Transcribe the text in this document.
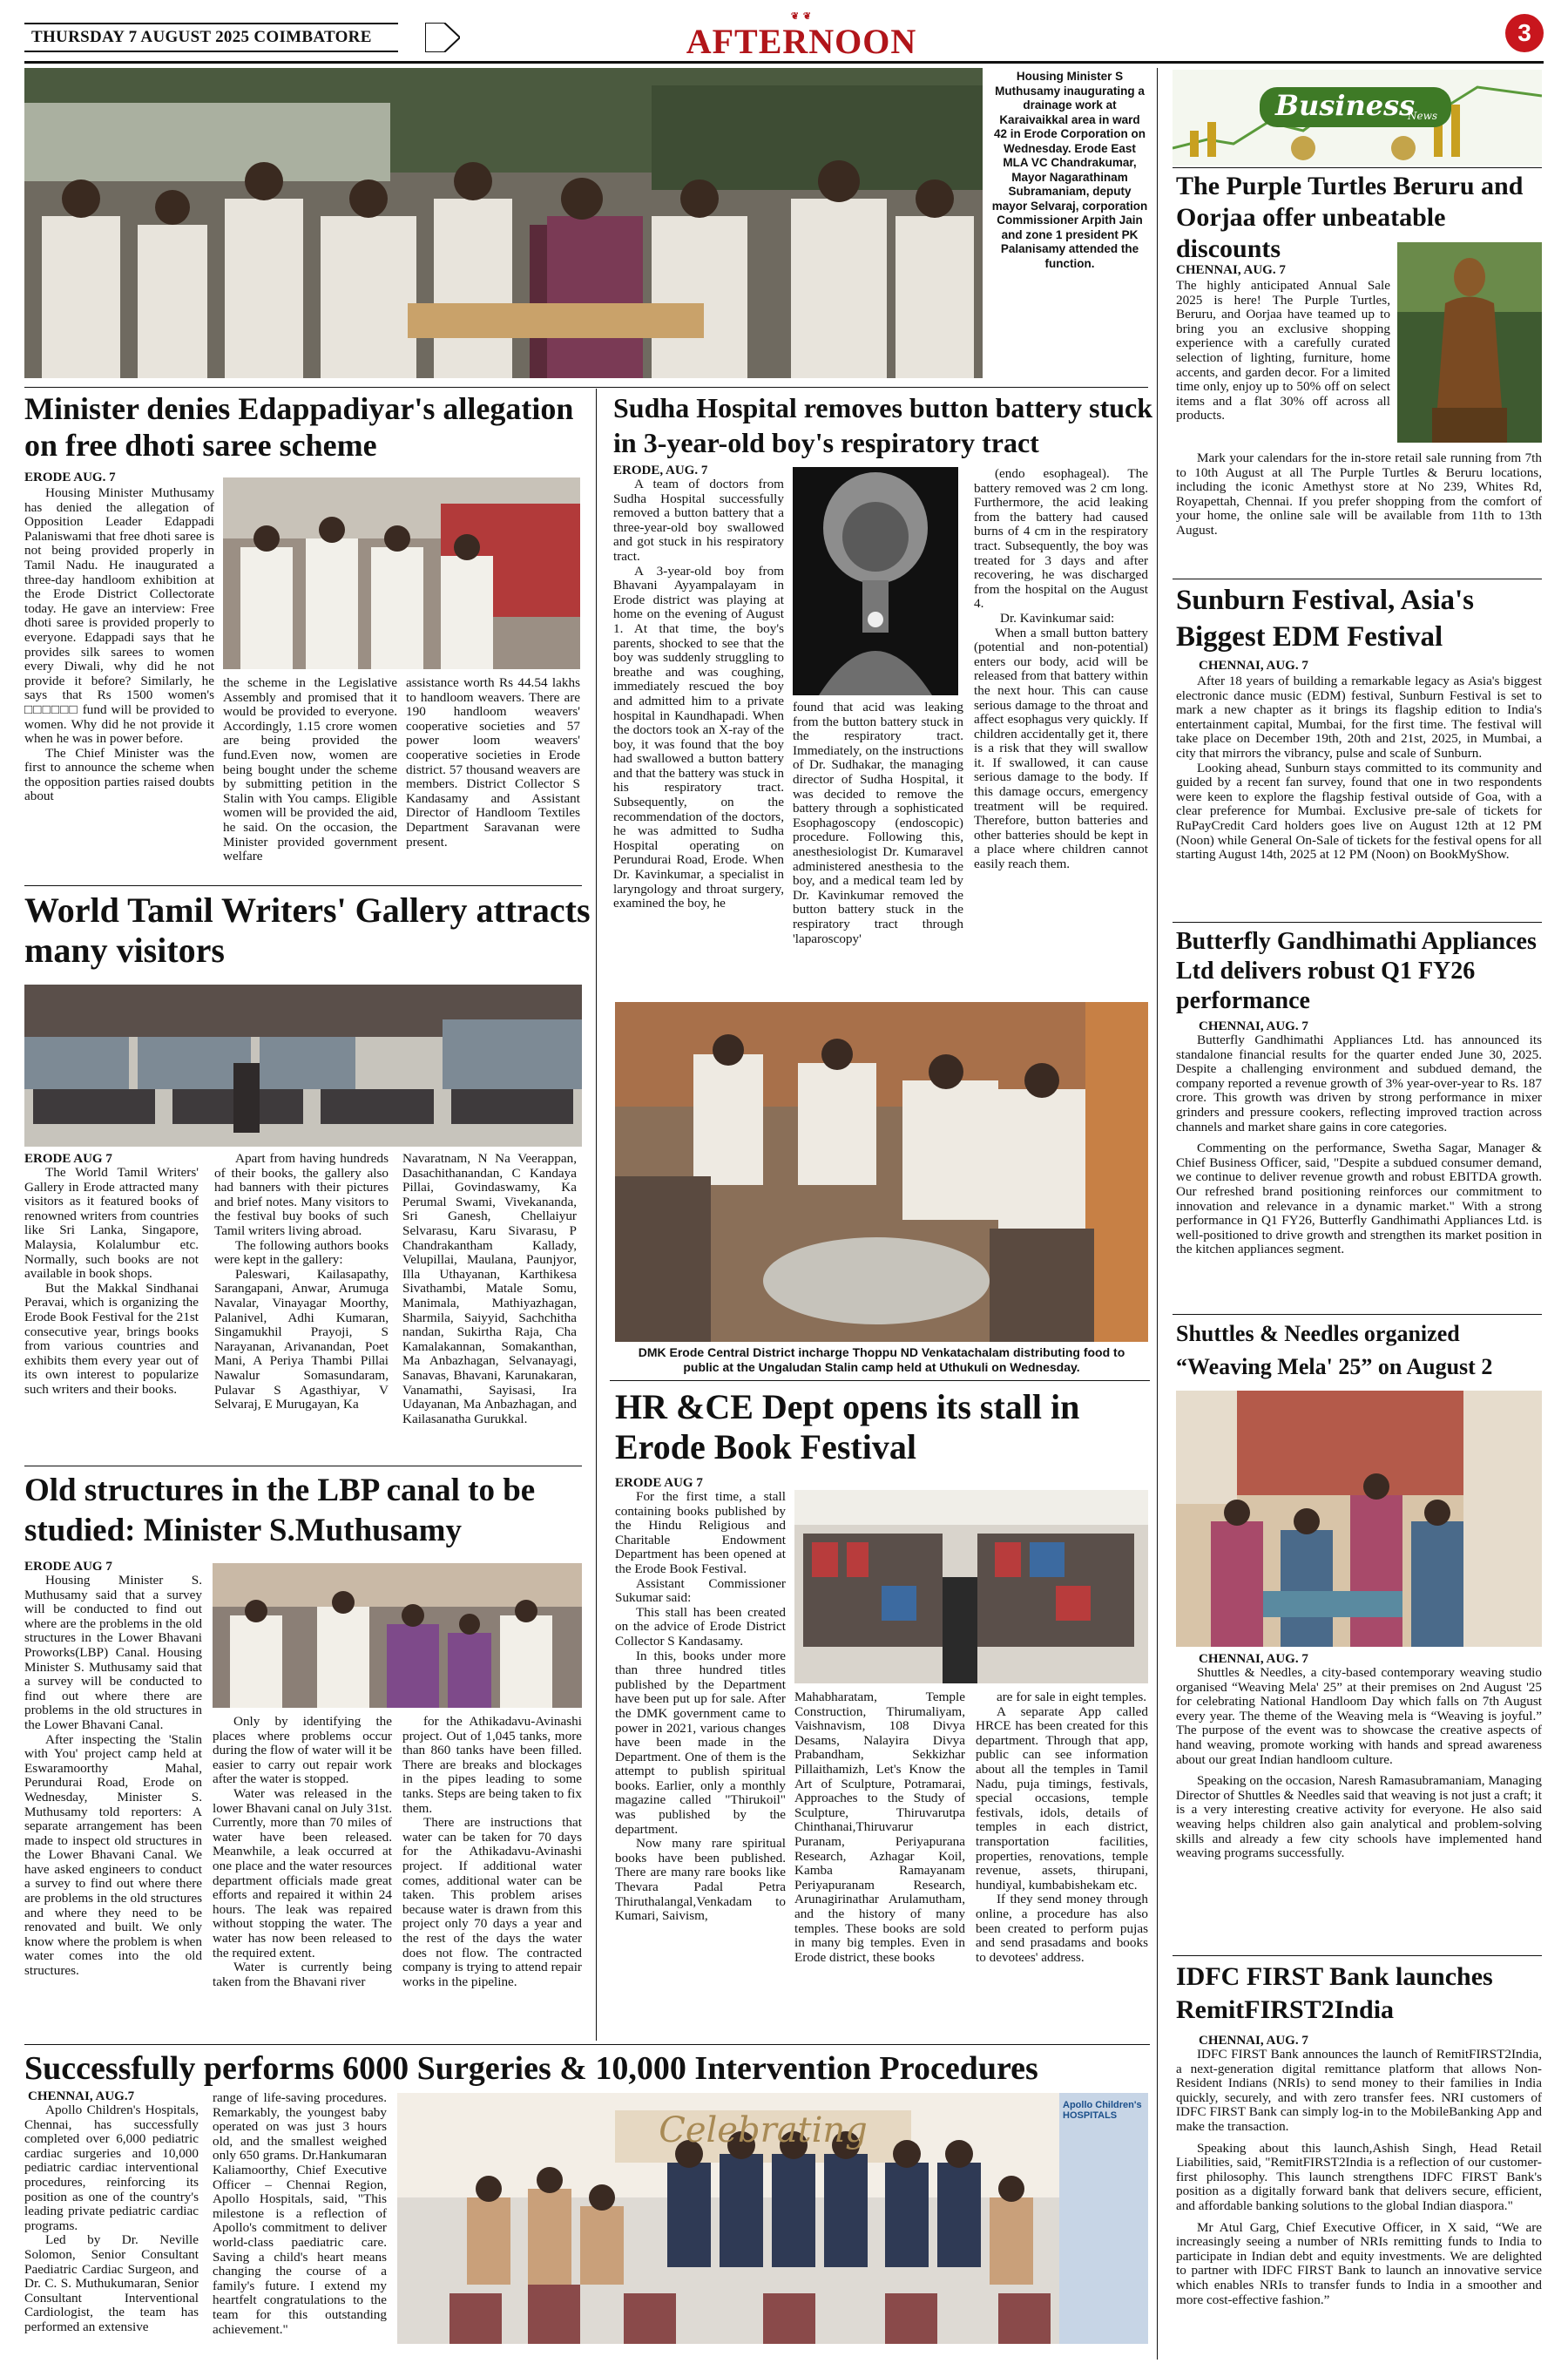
THURSDAY 7 AUGUST 2025 COIMBATORE
❦ ❦
AFTERNOON	3
Housing Minister S Muthusamy inaugurating a drainage work at Karaivaikkal area in ward 42 in Erode Corporation on Wednesday. Erode East MLA VC Chandrakumar, Mayor Nagarathinam Subramaniam, deputy mayor Selvaraj, corporation Commissioner Arpith Jain and zone 1 president PK Palanisamy attended the function.
Minister denies Edappadiyar's allegation on free dhoti saree scheme
ERODE AUG. 7

Housing Minister Muthusamy has denied the allegation of Opposition Leader Edappadi Palaniswami that free dhoti saree is not being provided properly in Tamil Nadu. He inaugurated a three-day handloom exhibition at the Erode District Collectorate today. He gave an interview: Free dhoti saree is provided properly to everyone. Edappadi says that he provides silk sarees to women every Diwali, why did he not provide it before? Similarly, he says that Rs 1500 women's □□□□□□ fund will be provided to women. Why did he not provide it when he was in power before.

The Chief Minister was the first to announce the scheme when the opposition parties raised doubts about

the scheme in the Legislative Assembly and promised that it would be provided to everyone. Accordingly, 1.15 crore women are being provided the fund.Even now, women are being bought under the scheme by submitting petition in the Stalin with You camps. Eligible women will be provided the aid, he said. On the occasion, the Minister provided government welfare
assistance worth Rs 44.54 lakhs to handloom weavers. There are 190 handloom weavers' cooperative societies and 57 power loom weavers' cooperative societies in Erode district. 57 thousand weavers are members. District Collector S Kandasamy and Assistant Director of Handloom Textiles Department Saravanan were present.
World Tamil Writers' Gallery attracts many visitors
ERODE AUG 7

The World Tamil Writers' Gallery in Erode attracted many visitors as it featured books of renowned writers from countries like Sri Lanka, Singapore, Malaysia, Kolalumbur etc. Normally, such books are not available in book shops.

But the Makkal Sindhanai Peravai, which is organizing the Erode Book Festival for the 21st consecutive year, brings books from various countries and exhibits them every year out of its own interest to popularize such writers and their books.

Apart from having hundreds of their books, the gallery also had banners with their pictures and brief notes. Many visitors to the festival buy books of such Tamil writers living abroad.

The following authors books were kept in the gallery:

Paleswari, Kailasapathy, Sarangapani, Anwar, Arumuga Navalar, Vinayagar Moorthy, Palanivel, Adhi Kumaran, Singamukhil Prayoji, S Narayanan, Arivanandan, Poet Mani, A Periya Thambi Pillai Nawalur Somasundaram, Pulavar S Agasthiyar, V Selvaraj, E Murugayan, Ka

Navaratnam, N Na Veerappan, Dasachithanandan, C Kandaya Pillai, Govindaswamy, Ka Perumal Swami, Vivekananda, Sri Ganesh, Chellaiyur Selvarasu, Karu Sivarasu, P Chandrakantham Kallady, Velupillai, Maulana, Paunjyor, Illa Uthayanan, Karthikesa Sivathambi, Matale Somu, Manimala, Mathiyazhagan, Sharmila, Saiyyid, Sachchitha nandan, Sukirtha Raja, Cha Kamalakannan, Somakanthan, Ma Anbazhagan, Selvanayagi, Sanavas, Bhavani, Karunakaran, Vanamathi, Sayisasi, Ira Udayanan, Ma Anbazhagan, and Kailasanatha Gurukkal.
Old structures in the LBP canal to be studied: Minister S.Muthusamy
ERODE AUG 7

Housing Minister S. Muthusamy said that a survey will be conducted to find out where are the problems in the old structures in the Lower Bhavani Proworks(LBP) Canal. Housing Minister S. Muthusamy said that a survey will be conducted to find out where there are problems in the old structures in the Lower Bhavani Canal.

After inspecting the 'Stalin with You' project camp held at Eswaramoorthy Mahal, Perundurai Road, Erode on Wednesday, Minister S. Muthusamy told reporters: A separate arrangement has been made to inspect old structures in the Lower Bhavani Canal. We have asked engineers to conduct a survey to find out where there are problems in the old structures and where they need to be renovated and built. We only know where the problem is when water comes into the old structures.

Only by identifying the places where problems occur during the flow of water will it be easier to carry out repair work after the water is stopped.

Water was released in the lower Bhavani canal on July 31st. Currently, more than 70 miles of water have been released. Meanwhile, a leak occurred at one place and the water resources department officials made great efforts and repaired it within 24 hours. The leak was repaired without stopping the water. The water has now been released to the required extent.

Water is currently being taken from the Bhavani river

for the Athikadavu-Avinashi project. Out of 1,045 tanks, more than 860 tanks have been filled. There are breaks and blockages in the pipes leading to some tanks. Steps are being taken to fix them.

There are instructions that water can be taken for 70 days for the Athikadavu-Avinashi project. If additional water comes, additional water can be taken. This problem arises because water is drawn from this project only 70 days a year and the rest of the days the water does not flow. The contracted company is trying to attend repair works in the pipeline.

Sudha Hospital removes button battery stuck in 3-year-old boy's respiratory tract
ERODE, AUG. 7

A team of doctors from Sudha Hospital successfully removed a button battery that a three-year-old boy swallowed and got stuck in his respiratory tract.

A 3-year-old boy from Bhavani Ayyampalayam in Erode district was playing at home on the evening of August 1. At that time, the boy's parents, shocked to see that the boy was suddenly struggling to breathe and was coughing, immediately rescued the boy and admitted him to a private hospital in Kaundhapadi. When the doctors took an X-ray of the boy, it was found that the boy had swallowed a button battery and that the battery was stuck in his respiratory tract. Subsequently, on the recommendation of the doctors, he was admitted to Sudha Hospital operating on Perundurai Road, Erode. When Dr. Kavinkumar, a specialist in laryngology and throat surgery, examined the boy, he

found that acid was leaking from the button battery stuck in the respiratory tract. Immediately, on the instructions of Dr. Sudhakar, the managing director of Sudha Hospital, it was decided to remove the battery through a sophisticated Esophagoscopy (endoscopic) procedure. Following this, anesthesiologist Dr. Kumaravel administered anesthesia to the boy, and a medical team led by Dr. Kavinkumar removed the button battery stuck in the respiratory tract through 'laparoscopy'

(endo esophageal). The battery removed was 2 cm long. Furthermore, the acid leaking from the battery had caused burns of 4 cm in the respiratory tract. Subsequently, the boy was treated for 3 days and after recovering, he was discharged from the hospital on the August 4.

Dr. Kavinkumar said:

When a small button battery (potential and non-potential) enters our body, acid will be released from that battery within the next hour. This can cause serious damage to the throat and affect esophagus very quickly. If children accidentally get it, there is a risk that they will swallow it. If swallowed, it can cause serious damage to the body. If this damage occurs, emergency treatment will be required. Therefore, button batteries and other batteries should be kept in a place where children cannot easily reach them.

DMK Erode Central District incharge Thoppu ND Venkatachalam distributing food to public at the Ungaludan Stalin camp held at Uthukuli on Wednesday.
HR &CE Dept opens its stall in Erode Book Festival
ERODE AUG 7

For the first time, a stall containing books published by the Hindu Religious and Charitable Endowment Department has been opened at the Erode Book Festival.

Assistant Commissioner Sukumar said:

This stall has been created on the advice of Erode District Collector S Kandasamy.

In this, books under more than three hundred titles published by the Department have been put up for sale. After the DMK government came to power in 2021, various changes have been made in the Department. One of them is the attempt to publish spiritual books. Earlier, only a monthly magazine called "Thirukoil" was published by the department.

Now many rare spiritual books have been published. There are many rare books like Thevara Padal Petra Thiruthalangal,Venkadam to Kumari, Saivism,

Mahabharatam, Temple Construction, Thirumaliyam, Vaishnavism, 108 Divya Desams, Nalayira Divya Prabandham, Sekkizhar Pillaithamizh, Let's Know the Art of Sculpture, Potramarai, Approaches to the Study of Sculpture, Thiruvarutpa Chinthanai,Thiruvarur Puranam, Periyapurana Research, Azhagar Koil, Kamba Ramayanam Periyapuranam Research, Arunagirinathar Arulamutham, and the history of many temples. These books are sold in many big temples. Even in Erode district, these books

are for sale in eight temples.

A separate App called HRCE has been created for this department. Through that app, public can see information about all the temples in Tamil Nadu, puja timings, festivals, special occasions, temple festivals, idols, details of temples in each district, transportation facilities, properties, renovations, temple revenue, assets, thirupani, hundiyal, kumbabishekam etc.

If they send money through online, a procedure has also been created to perform pujas and send prasadams and books to devotees' address.

Successfully performs 6000 Surgeries & 10,000 Intervention Procedures
CHENNAI, AUG.7

Apollo Children's Hospitals, Chennai, has successfully completed over 6,000 pediatric cardiac surgeries and 10,000 pediatric cardiac interventional procedures, reinforcing its position as one of the country's leading private pediatric cardiac programs.

Led by Dr. Neville Solomon, Senior Consultant Paediatric Cardiac Surgeon, and Dr. C. S. Muthukumaran, Senior Consultant Interventional Cardiologist, the team has performed an extensive

range of life-saving procedures. Remarkably, the youngest baby operated on was just 3 hours old, and the smallest weighed only 650 grams. Dr.Hankumaran Kaliamoorthy, Chief Executive Officer – Chennai Region, Apollo Hospitals, said, "This milestone is a reflection of Apollo's commitment to deliver world-class paediatric care. Saving a child's heart means changing the course of a family's future. I extend my heartfelt congratulations to the team for this outstanding achievement."
Celebrating
Apollo Children's HOSPITALS
Business
News
The Purple Turtles Beruru and Oorjaa offer unbeatable discounts
CHENNAI, AUG. 7
The highly anticipated Annual Sale 2025 is here! The Purple Turtles, Beruru, and Oorjaa have teamed up to bring you an exclusive shopping experience with a carefully curated selection of lighting, furniture, home accents, and garden decor. For a limited time only, enjoy up to 50% off on select items and a flat 30% off across all products.

Mark your calendars for the in-store retail sale running from 7th to 10th August at all The Purple Turtles & Beruru locations, including the iconic Amethyst store at No 239, Whites Rd, Royapettah, Chennai. If you prefer shopping from the comfort of your home, the online sale will be available from 11th to 13th August.

Sunburn Festival, Asia's Biggest EDM Festival
CHENNAI, AUG. 7

After 18 years of building a remarkable legacy as Asia's biggest electronic dance music (EDM) festival, Sunburn Festival is set to mark a new chapter as it brings its flagship edition to India's entertainment capital, Mumbai, for the first time. The festival will take place on December 19th, 20th and 21st, 2025, in Mumbai, a city that mirrors the vibrancy, pulse and scale of Sunburn.

Looking ahead, Sunburn stays committed to its community and guided by a recent fan survey, found that one in two respondents were keen to explore the flagship festival outside of Goa, with a clear preference for Mumbai. Exclusive pre-sale of tickets for RuPayCredit Card holders goes live on August 12th at 12 PM (Noon) while General On-Sale of tickets for the festival opens for all starting August 14th, 2025 at 12 PM (Noon) on BookMyShow.

Butterfly Gandhimathi Appliances Ltd delivers robust Q1 FY26 performance
CHENNAI, AUG. 7

Butterfly Gandhimathi Appliances Ltd. has announced its standalone financial results for the quarter ended June 30, 2025. Despite a challenging environment and subdued demand, the company reported a revenue growth of 3% year-over-year to Rs. 187 crore. This growth was driven by strong performance in mixer grinders and pressure cookers, reflecting improved traction across channels and market share gains in core categories.

Commenting on the performance, Swetha Sagar, Manager & Chief Business Officer, said, "Despite a subdued consumer demand, we continue to deliver revenue growth and robust EBITDA growth. Our refreshed brand positioning reinforces our commitment to innovation and relevance in a dynamic market." With a strong performance in Q1 FY26, Butterfly Gandhimathi Appliances Ltd. is well-positioned to drive growth and strengthen its market position in the kitchen appliances segment.

Shuttles & Needles organized “Weaving Mela' 25” on August 2
CHENNAI, AUG. 7

Shuttles & Needles, a city-based contemporary weaving studio organised “Weaving Mela' 25” at their premises on 2nd August '25 for celebrating National Handloom Day which falls on 7th August every year. The theme of the Weaving mela is “Weaving is joyful.” The purpose of the event was to showcase the creative aspects of hand weaving, promote working with hands and spread awareness about our great Indian handloom culture.

Speaking on the occasion, Naresh Ramasubramaniam, Managing Director of Shuttles & Needles said that weaving is not just a craft; it is a very interesting creative activity for everyone. He also said weaving helps children also gain analytical and problem-solving skills and already a few city schools have implemented hand weaving programs successfully.

IDFC FIRST Bank launches RemitFIRST2India
CHENNAI, AUG. 7

IDFC FIRST Bank announces the launch of RemitFIRST2India, a next-generation digital remittance platform that allows Non-Resident Indians (NRIs) to send money to their families in India quickly, securely, and with zero transfer fees. NRI customers of IDFC FIRST Bank can simply log-in to the MobileBanking App and make the transaction.

Speaking about this launch,Ashish Singh, Head Retail Liabilities, said, "RemitFIRST2India is a reflection of our customer-first philosophy. This launch strengthens IDFC FIRST Bank's position as a digitally forward bank that delivers secure, efficient, and affordable banking solutions to the global Indian diaspora."

Mr Atul Garg, Chief Executive Officer, in X said, “We are increasingly seeing a number of NRIs remitting funds to India to participate in Indian debt and equity investments. We are delighted to partner with IDFC FIRST Bank to launch an innovative service which enables NRIs to transfer funds to India in a smoother and more cost-effective fashion.”
